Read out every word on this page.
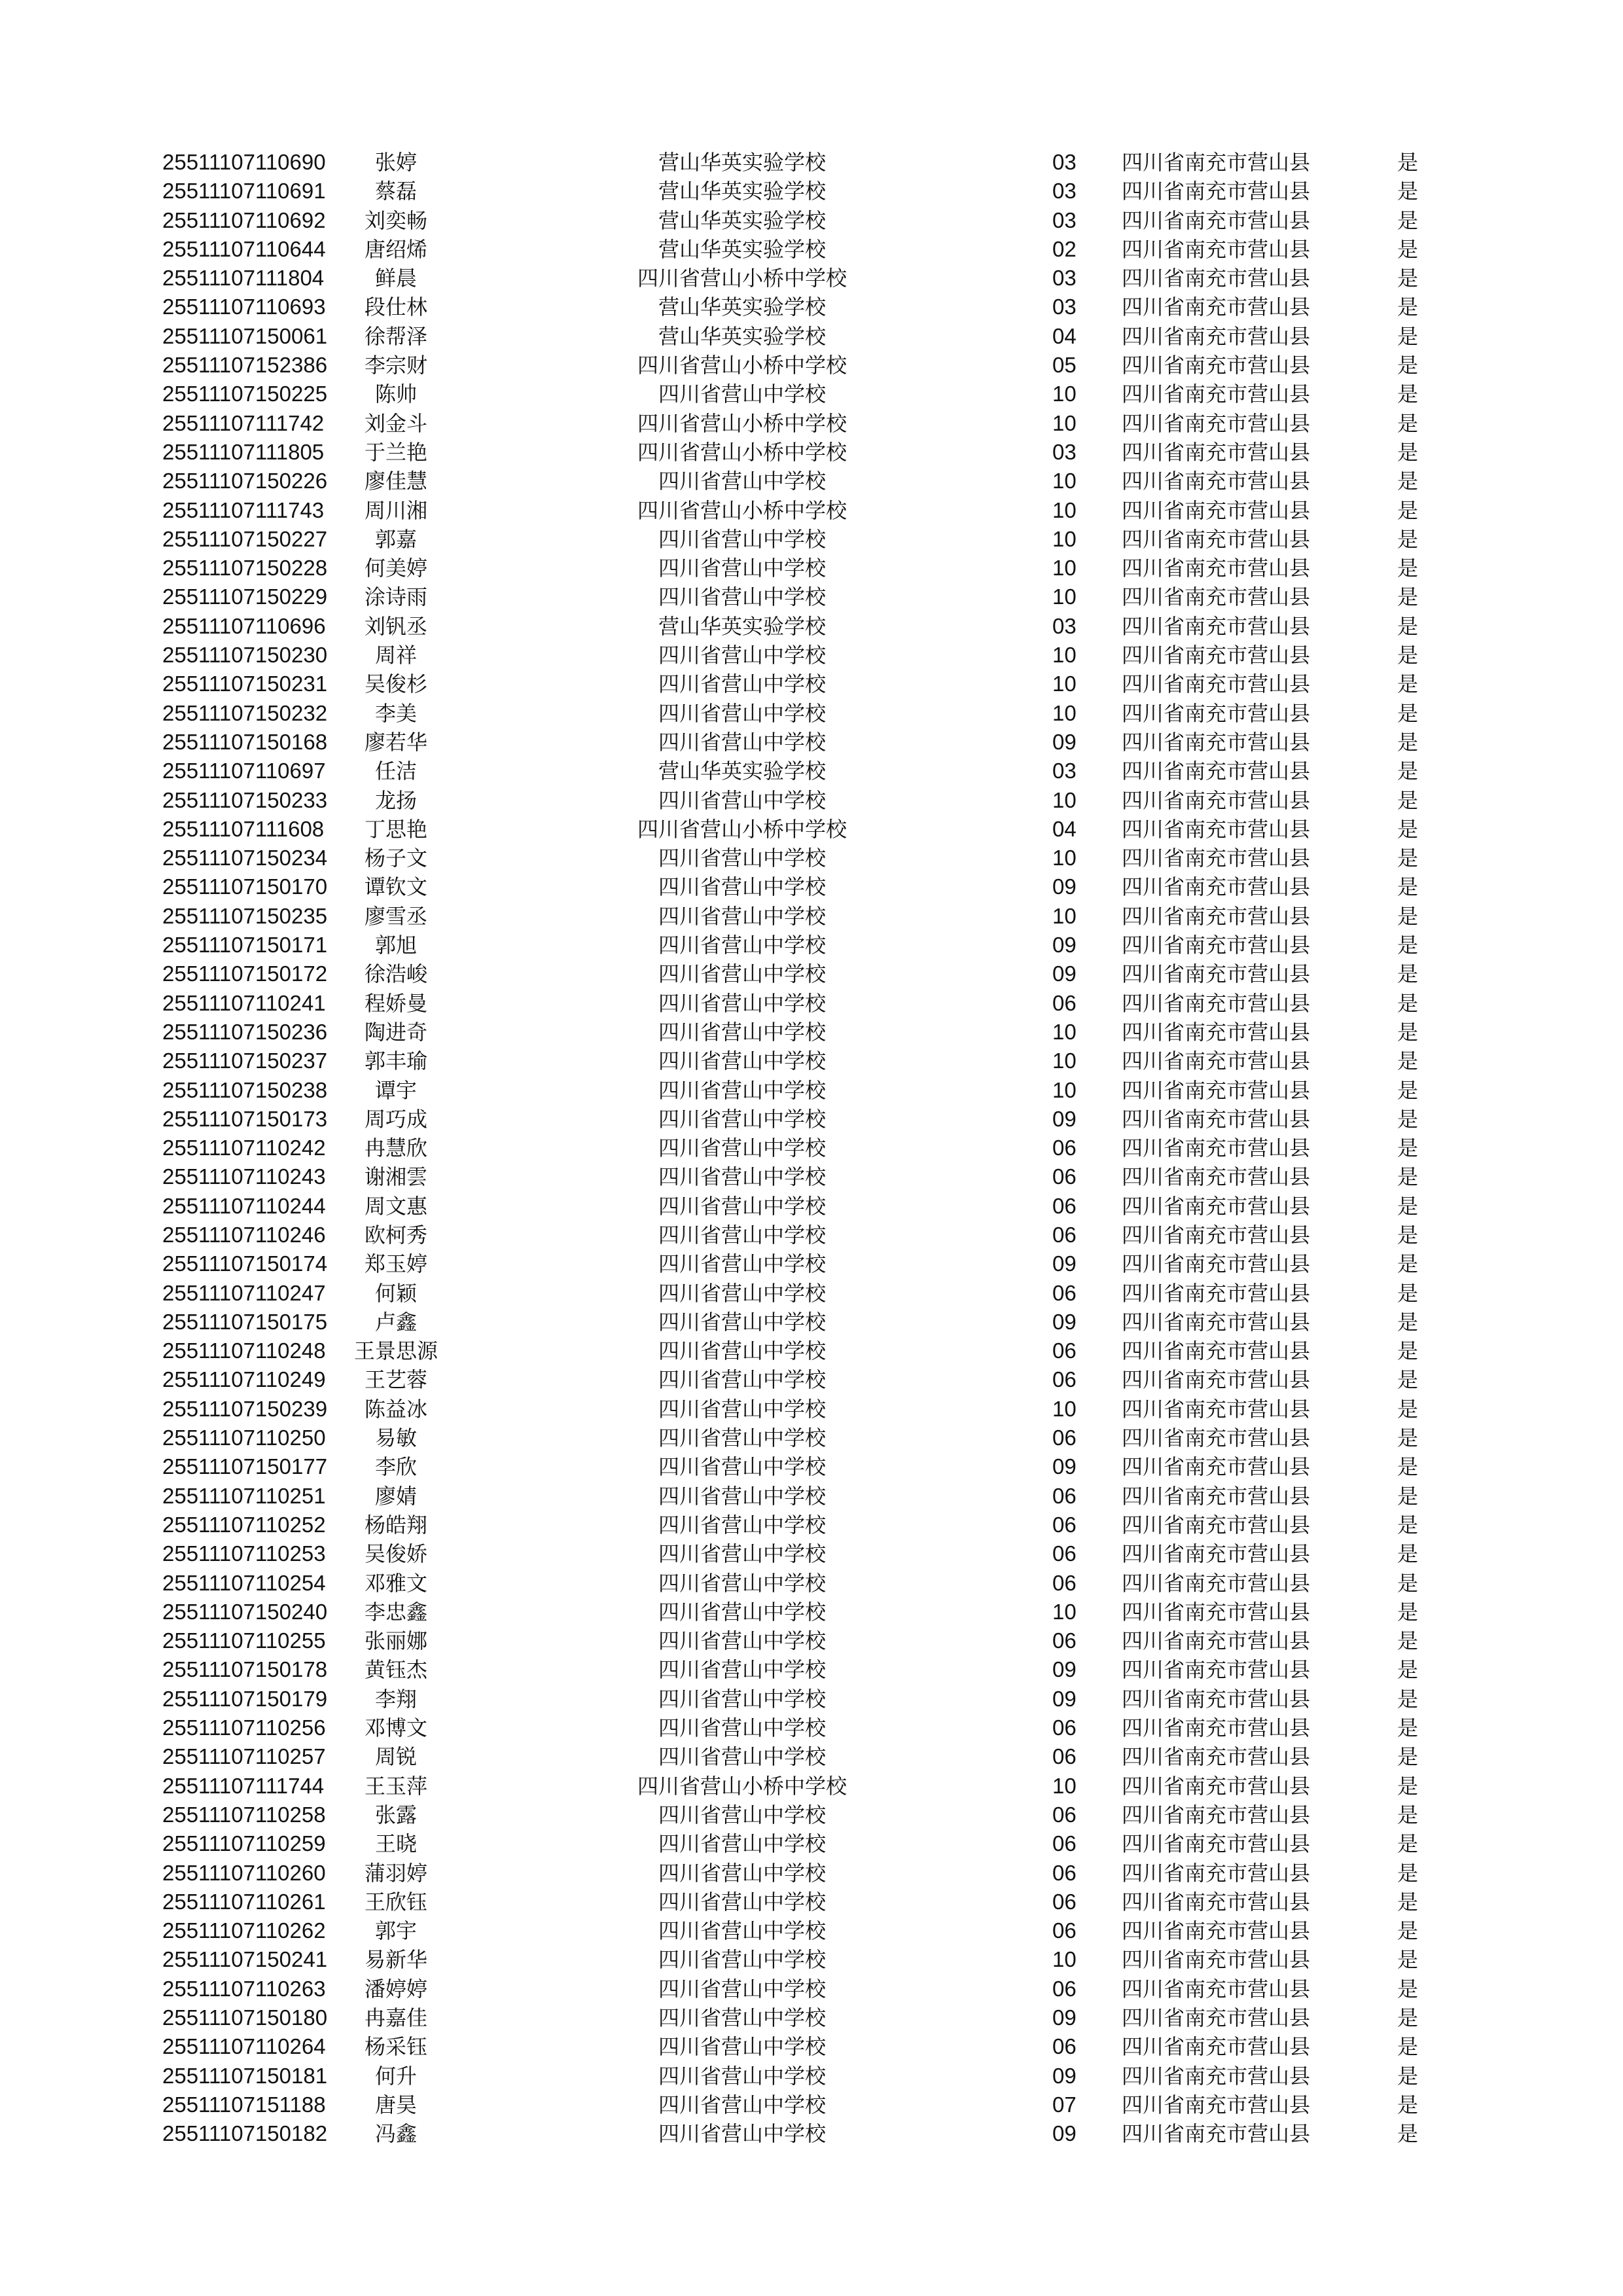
25511107110690	张婷	营山华英实验学校	03 四川省南充市营山县	是
25511107110691	蔡磊	营山华英实验学校	03 四川省南充市营山县	是
25511107110692	刘奕畅	营山华英实验学校	03 四川省南充市营山县	是
25511107110644	唐绍烯	营山华英实验学校	02 四川省南充市营山县	是
25511107111804	鲜晨	四川省营山小桥中学校	03 四川省南充市营山县	是
25511107110693	段仕林	营山华英实验学校	03 四川省南充市营山县	是
25511107150061	徐帮泽	营山华英实验学校	04 四川省南充市营山县	是
25511107152386	李宗财	四川省营山小桥中学校	05 四川省南充市营山县	是
25511107150225	陈帅	四川省营山中学校	10 四川省南充市营山县	是
25511107111742	刘金斗	四川省营山小桥中学校	10 四川省南充市营山县	是
25511107111805	于兰艳	四川省营山小桥中学校	03 四川省南充市营山县	是
25511107150226	廖佳慧	四川省营山中学校	10 四川省南充市营山县	是
25511107111743	周川湘	四川省营山小桥中学校	10 四川省南充市营山县	是
25511107150227	郭嘉	四川省营山中学校	10 四川省南充市营山县	是
25511107150228	何美婷	四川省营山中学校	10 四川省南充市营山县	是
25511107150229	涂诗雨	四川省营山中学校	10 四川省南充市营山县	是
25511107110696	刘钒丞	营山华英实验学校	03 四川省南充市营山县	是
25511107150230	周祥	四川省营山中学校	10 四川省南充市营山县	是
25511107150231	吴俊杉	四川省营山中学校	10 四川省南充市营山县	是
25511107150232	李美	四川省营山中学校	10 四川省南充市营山县	是
25511107150168	廖若华	四川省营山中学校	09 四川省南充市营山县	是
25511107110697	任洁	营山华英实验学校	03 四川省南充市营山县	是
25511107150233	龙扬	四川省营山中学校	10 四川省南充市营山县	是
25511107111608	丁思艳	四川省营山小桥中学校	04 四川省南充市营山县	是
25511107150234	杨子文	四川省营山中学校	10 四川省南充市营山县	是
25511107150170	谭钦文	四川省营山中学校	09 四川省南充市营山县	是
25511107150235	廖雪丞	四川省营山中学校	10 四川省南充市营山县	是
25511107150171	郭旭	四川省营山中学校	09 四川省南充市营山县	是
25511107150172	徐浩峻	四川省营山中学校	09 四川省南充市营山县	是
25511107110241	程娇曼	四川省营山中学校	06 四川省南充市营山县	是
25511107150236	陶进奇	四川省营山中学校	10 四川省南充市营山县	是
25511107150237	郭丰瑜	四川省营山中学校	10 四川省南充市营山县	是
25511107150238	谭宇	四川省营山中学校	10 四川省南充市营山县	是
25511107150173	周巧成	四川省营山中学校	09 四川省南充市营山县	是
25511107110242	冉慧欣	四川省营山中学校	06 四川省南充市营山县	是
25511107110243	谢湘雲	四川省营山中学校	06 四川省南充市营山县	是
25511107110244	周文惠	四川省营山中学校	06 四川省南充市营山县	是
25511107110246	欧柯秀	四川省营山中学校	06 四川省南充市营山县	是
25511107150174	郑玉婷	四川省营山中学校	09 四川省南充市营山县	是
25511107110247	何颖	四川省营山中学校	06 四川省南充市营山县	是
25511107150175	卢鑫	四川省营山中学校	09 四川省南充市营山县	是
25511107110248 王景思源	四川省营山中学校	06 四川省南充市营山县	是
25511107110249	王艺蓉	四川省营山中学校	06 四川省南充市营山县	是
25511107150239	陈益冰	四川省营山中学校	10 四川省南充市营山县	是
25511107110250	易敏	四川省营山中学校	06 四川省南充市营山县	是
25511107150177	李欣	四川省营山中学校	09 四川省南充市营山县	是
25511107110251	廖婧	四川省营山中学校	06 四川省南充市营山县	是
25511107110252	杨皓翔	四川省营山中学校	06 四川省南充市营山县	是
25511107110253	吴俊娇	四川省营山中学校	06 四川省南充市营山县	是
25511107110254	邓雅文	四川省营山中学校	06 四川省南充市营山县	是
25511107150240	李忠鑫	四川省营山中学校	10 四川省南充市营山县	是
25511107110255	张丽娜	四川省营山中学校	06 四川省南充市营山县	是
25511107150178	黄钰杰	四川省营山中学校	09 四川省南充市营山县	是
25511107150179	李翔	四川省营山中学校	09 四川省南充市营山县	是
25511107110256	邓博文	四川省营山中学校	06 四川省南充市营山县	是
25511107110257	周锐	四川省营山中学校	06 四川省南充市营山县	是
25511107111744	王玉萍	四川省营山小桥中学校	10 四川省南充市营山县	是
25511107110258	张露	四川省营山中学校	06 四川省南充市营山县	是
25511107110259	王晓	四川省营山中学校	06 四川省南充市营山县	是
25511107110260	蒲羽婷	四川省营山中学校	06 四川省南充市营山县	是
25511107110261	王欣钰	四川省营山中学校	06 四川省南充市营山县	是
25511107110262	郭宇	四川省营山中学校	06 四川省南充市营山县	是
25511107150241	易新华	四川省营山中学校	10 四川省南充市营山县	是
25511107110263	潘婷婷	四川省营山中学校	06 四川省南充市营山县	是
25511107150180	冉嘉佳	四川省营山中学校	09 四川省南充市营山县	是
25511107110264	杨采钰	四川省营山中学校	06 四川省南充市营山县	是
25511107150181	何升	四川省营山中学校	09 四川省南充市营山县	是
25511107151188	唐昊	四川省营山中学校	07 四川省南充市营山县	是
25511107150182	冯鑫	四川省营山中学校	09 四川省南充市营山县	是
